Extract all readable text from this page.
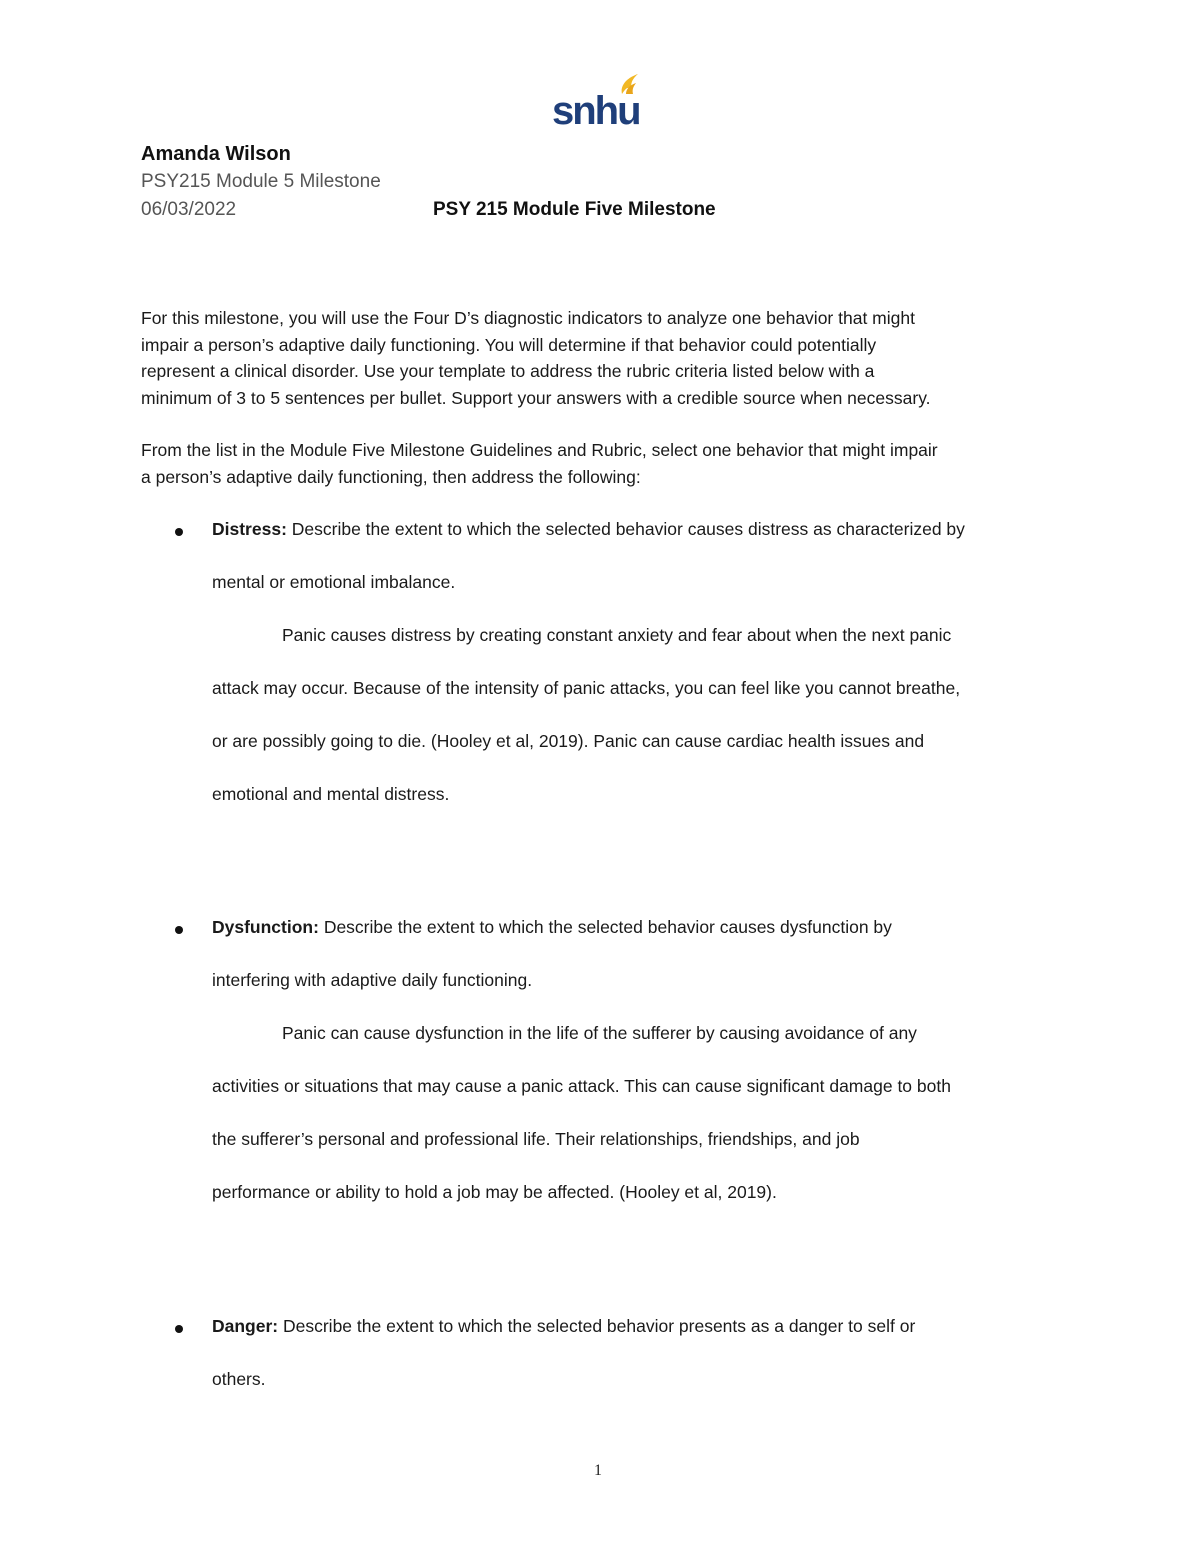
snhu
Amanda Wilson
PSY215 Module 5 Milestone
06/03/2022	PSY 215 Module Five Milestone
For this milestone, you will use the Four D’s diagnostic indicators to analyze one behavior that might
impair a person’s adaptive daily functioning. You will determine if that behavior could potentially
represent a clinical disorder. Use your template to address the rubric criteria listed below with a
minimum of 3 to 5 sentences per bullet. Support your answers with a credible source when necessary.
From the list in the Module Five Milestone Guidelines and Rubric, select one behavior that might impair
a person’s adaptive daily functioning, then address the following:
Distress: Describe the extent to which the selected behavior causes distress as characterized by
mental or emotional imbalance.
Panic causes distress by creating constant anxiety and fear about when the next panic
attack may occur. Because of the intensity of panic attacks, you can feel like you cannot breathe,
or are possibly going to die. (Hooley et al, 2019). Panic can cause cardiac health issues and
emotional and mental distress.
Dysfunction: Describe the extent to which the selected behavior causes dysfunction by
interfering with adaptive daily functioning.
Panic can cause dysfunction in the life of the sufferer by causing avoidance of any
activities or situations that may cause a panic attack. This can cause significant damage to both
the sufferer’s personal and professional life. Their relationships, friendships, and job
performance or ability to hold a job may be affected. (Hooley et al, 2019).
Danger: Describe the extent to which the selected behavior presents as a danger to self or
others.
1
